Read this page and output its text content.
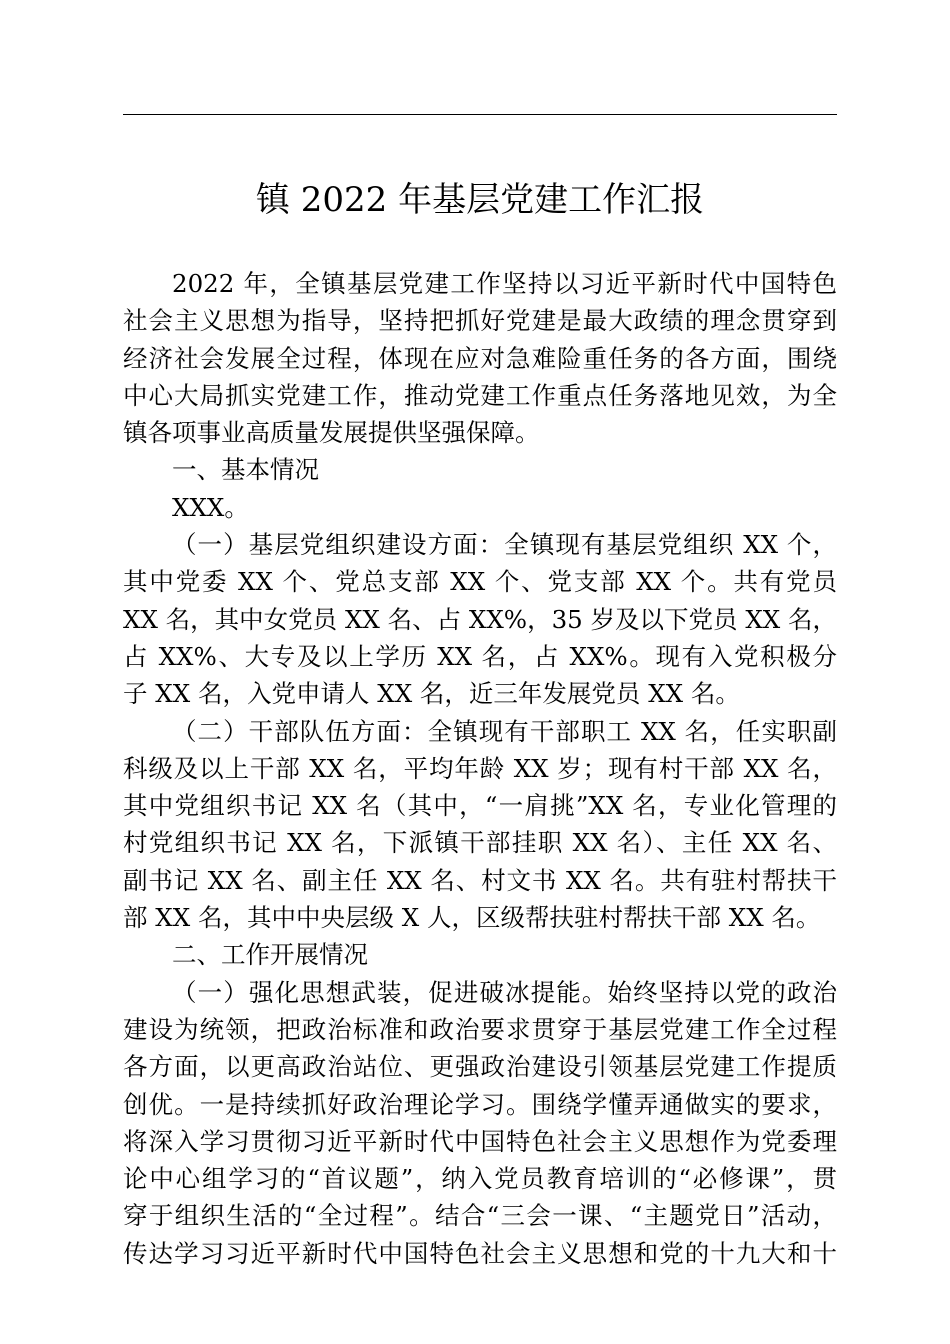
镇 2022 年基层党建工作汇报
2022 年，全镇基层党建工作坚持以习近平新时代中国特色
社会主义思想为指导，坚持把抓好党建是最大政绩的理念贯穿到
经济社会发展全过程，体现在应对急难险重任务的各方面，围绕
中心大局抓实党建工作，推动党建工作重点任务落地见效，为全
镇各项事业高质量发展提供坚强保障。
一、基本情况
XXX。
（一）基层党组织建设方面：全镇现有基层党组织 XX 个，
其中党委 XX 个、党总支部 XX 个、党支部 XX 个。共有党员
XX 名，其中女党员 XX 名、占 XX%，35 岁及以下党员 XX 名，
占 XX%、大专及以上学历 XX 名，占 XX%。现有入党积极分
子 XX 名，入党申请人 XX 名，近三年发展党员 XX 名。
（二）干部队伍方面：全镇现有干部职工 XX 名，任实职副
科级及以上干部 XX 名，平均年龄 XX 岁；现有村干部 XX 名，
其中党组织书记 XX 名（其中，“一肩挑”XX 名，专业化管理的
村党组织书记 XX 名，下派镇干部挂职 XX 名）、主任 XX 名、
副书记 XX 名、副主任 XX 名、村文书 XX 名。共有驻村帮扶干
部 XX 名，其中中央层级 X 人，区级帮扶驻村帮扶干部 XX 名。
二、工作开展情况
（一）强化思想武装，促进破冰提能。始终坚持以党的政治
建设为统领，把政治标准和政治要求贯穿于基层党建工作全过程
各方面，以更高政治站位、更强政治建设引领基层党建工作提质
创优。一是持续抓好政治理论学习。围绕学懂弄通做实的要求，
将深入学习贯彻习近平新时代中国特色社会主义思想作为党委理
论中心组学习的“首议题”，纳入党员教育培训的“必修课”，贯
穿于组织生活的“全过程”。结合“三会一课、“主题党日”活动，
传达学习习近平新时代中国特色社会主义思想和党的十九大和十
